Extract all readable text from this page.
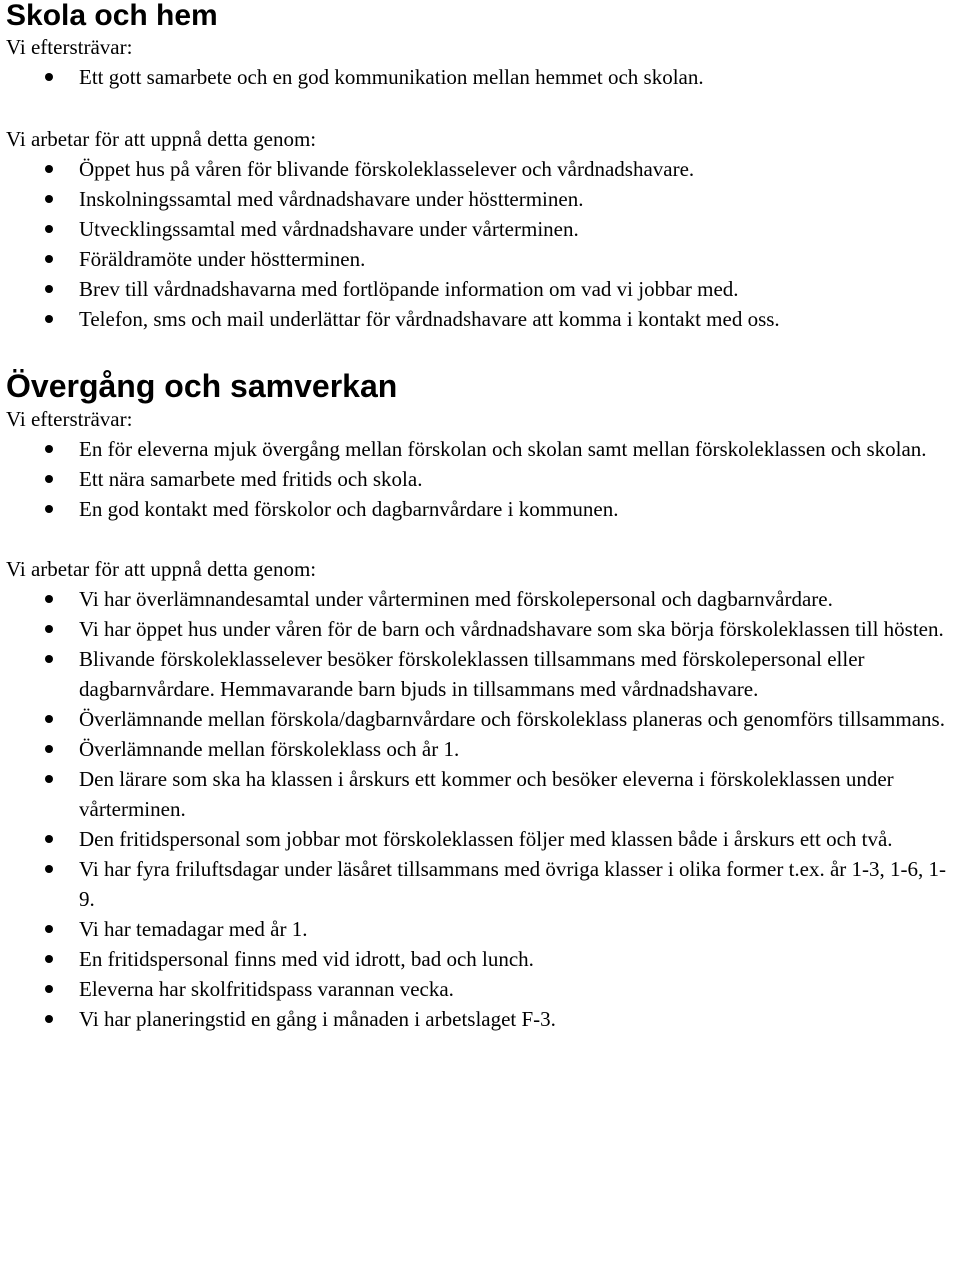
Skola och hem

Vi eftersträvar:

Ett gott samarbete och en god kommunikation mellan hemmet och skolan.

Vi arbetar för att uppnå detta genom:

Öppet hus på våren för blivande förskoleklasselever och vårdnadshavare.
Inskolningssamtal med vårdnadshavare under höstterminen.
Utvecklingssamtal med vårdnadshavare under vårterminen.
Föräldramöte under höstterminen.
Brev till vårdnadshavarna med fortlöpande information om vad vi jobbar med.
Telefon, sms och mail underlättar för vårdnadshavare att komma i kontakt med oss.
Övergång och samverkan

Vi eftersträvar:

En för eleverna mjuk övergång mellan förskolan och skolan samt mellan förskoleklassen och skolan.
Ett nära samarbete med fritids och skola.
En god kontakt med förskolor och dagbarnvårdare i kommunen.

Vi arbetar för att uppnå detta genom:

Vi har överlämnandesamtal under vårterminen med förskolepersonal och dagbarnvårdare.
Vi har öppet hus under våren för de barn och vårdnadshavare som ska börja förskoleklassen till hösten.
Blivande förskoleklasselever besöker förskoleklassen tillsammans med förskolepersonal eller dagbarnvårdare. Hemmavarande barn bjuds in tillsammans med vårdnadshavare.
Överlämnande mellan förskola/dagbarnvårdare och förskoleklass planeras och genomförs tillsammans.
Överlämnande mellan förskoleklass och år 1.
Den lärare som ska ha klassen i årskurs ett kommer och besöker eleverna i förskoleklassen under vårterminen.
Den fritidspersonal som jobbar mot förskoleklassen följer med klassen både i årskurs ett och två.
Vi har fyra friluftsdagar under läsåret tillsammans med övriga klasser i olika former t.ex. år 1-3, 1-6, 1-9.
Vi har temadagar med år 1.
En fritidspersonal finns med vid idrott, bad och lunch.
Eleverna har skolfritidspass varannan vecka.
Vi har planeringstid en gång i månaden i arbetslaget F-3.
